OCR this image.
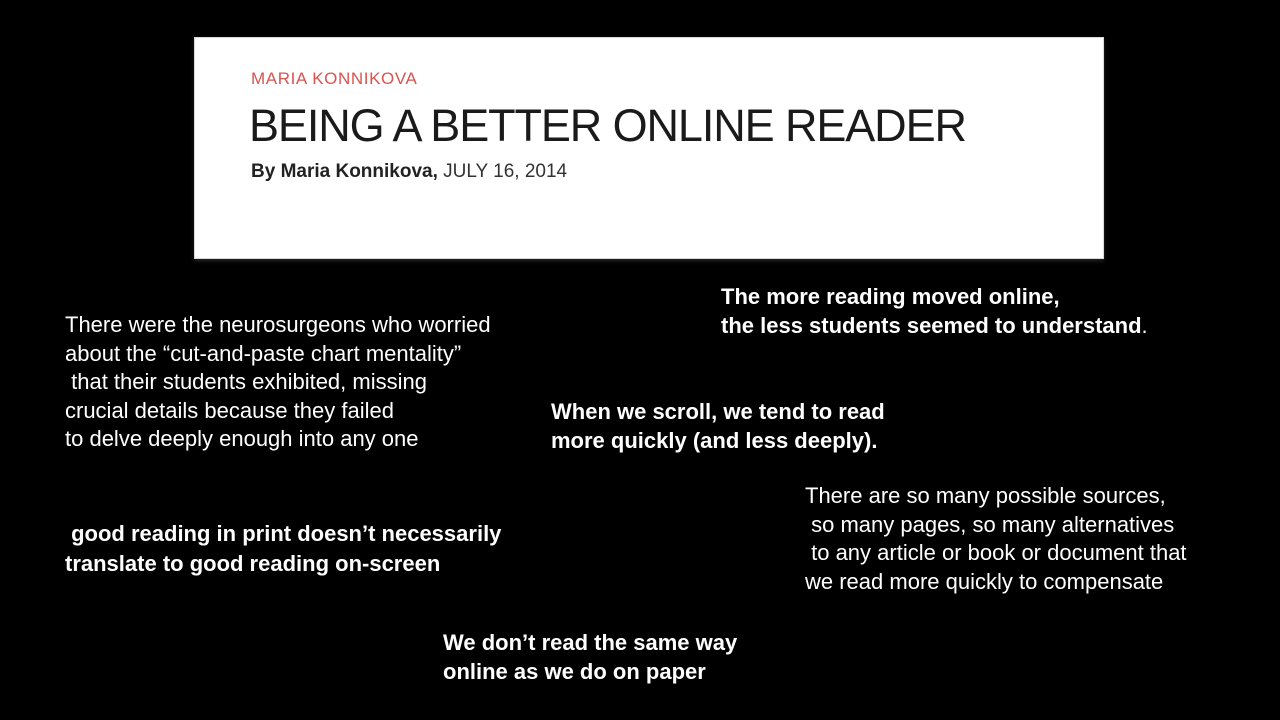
MARIA KONNIKOVA
BEING A BETTER ONLINE READER
By Maria Konnikova, JULY 16, 2014

There were the neurosurgeons who worried
about the “cut-and-paste chart mentality”
that their students exhibited, missing
crucial details because they failed
to delve deeply enough into any one

The more reading moved online,
the less students seemed to understand.

When we scroll, we tend to read
more quickly (and less deeply).

There are so many possible sources,
so many pages, so many alternatives
to any article or book or document that
we read more quickly to compensate

good reading in print doesn’t necessarily
translate to good reading on-screen

We don’t read the same way
online as we do on paper
